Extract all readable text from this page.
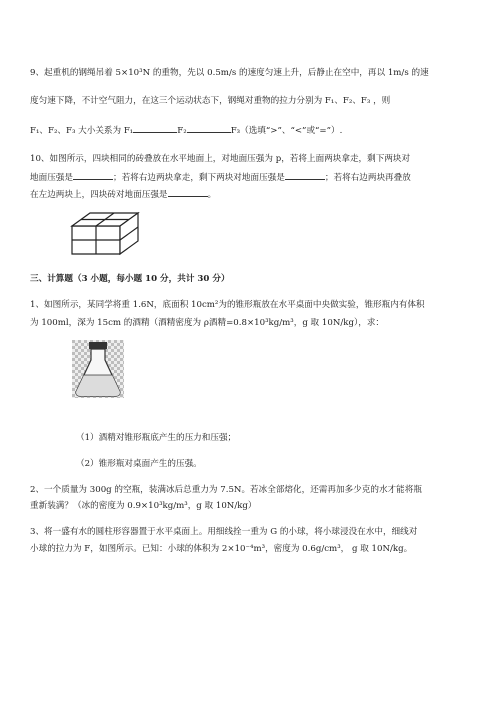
9、起重机的钢绳吊着 5×10³N 的重物，先以 0.5m/s 的速度匀速上升，后静止在空中，再以 1m/s 的速
度匀速下降，不计空气阻力，在这三个运动状态下，钢绳对重物的拉力分别为 F₁、F₂、F₃ ，则
F₁、F₂、F₃ 大小关系为 F₁	F₂	F₃（选填“>”、“<”或“=”）.
10、如图所示，四块相同的砖叠放在水平地面上，对地面压强为 p，若将上面两块拿走，剩下两块对
地面压强是	；若将右边两块拿走，剩下两块对地面压强是	；若将右边两块再叠放
在左边两块上，四块砖对地面压强是	。
三、计算题（3 小题，每小题 10 分，共计 30 分）
1、如图所示，某同学将重 1.6N，底面积 10cm²为的锥形瓶放在水平桌面中央做实验，锥形瓶内有体积
为 100ml，深为 15cm 的酒精（酒精密度为 ρ酒精=0.8×10³kg/m³，g 取 10N/kg），求：
（1）酒精对锥形瓶底产生的压力和压强；
（2）锥形瓶对桌面产生的压强。
2、一个质量为 300g 的空瓶，装满冰后总重力为 7.5N。若冰全部熔化，还需再加多少克的水才能将瓶
重新装满？（冰的密度为 0.9×10³kg/m³，g 取 10N/kg）
3、将一盛有水的圆柱形容器置于水平桌面上。用细线拴一重为 G 的小球，将小球浸没在水中，细线对
小球的拉力为 F，如图所示。已知：小球的体积为 2×10⁻⁴m³，密度为 0.6g/cm³， g 取 10N/kg。
